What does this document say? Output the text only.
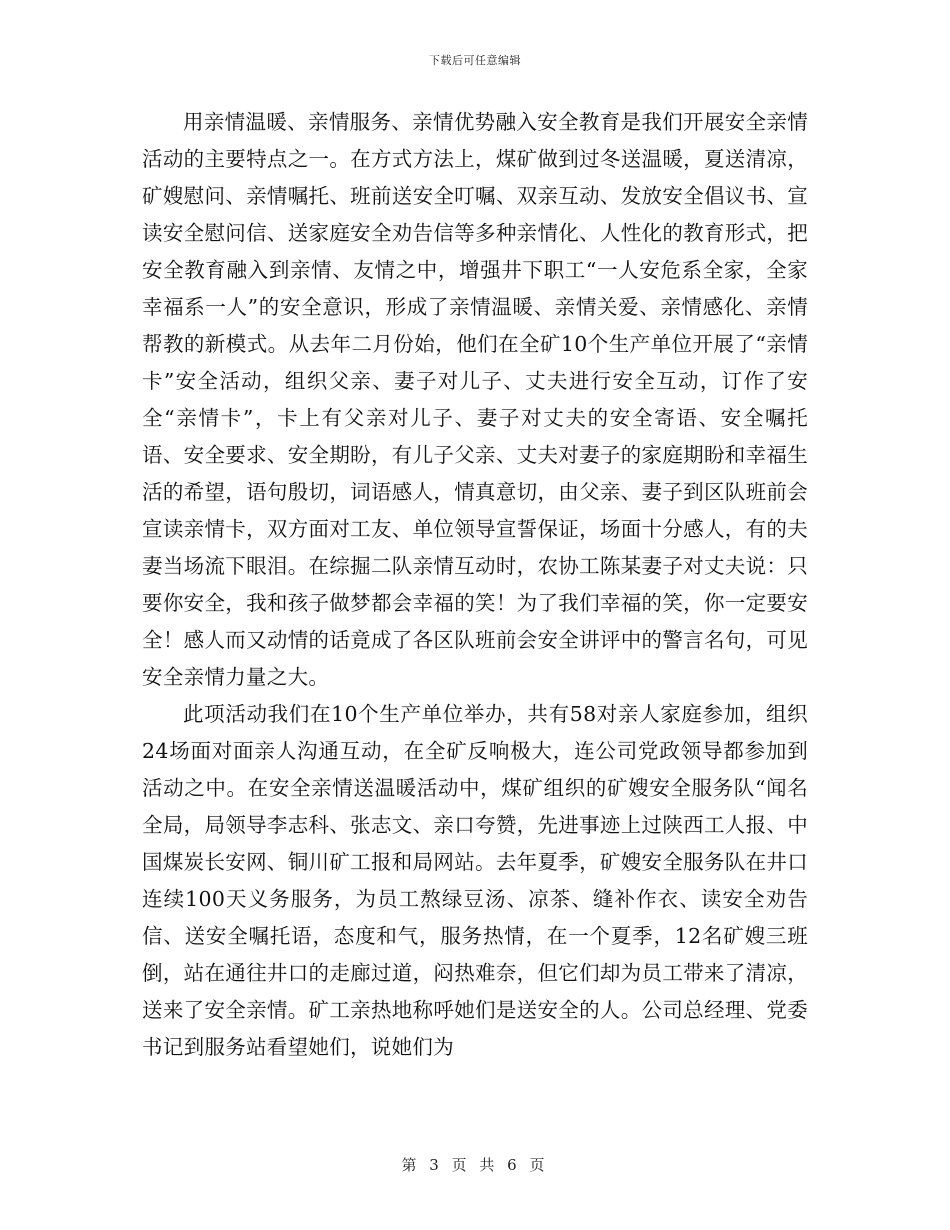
下载后可任意编辑

用亲情温暖、亲情服务、亲情优势融入安全教育是我们开展安全亲情活动的主要特点之一。在方式方法上，煤矿做到过冬送温暖，夏送清凉，矿嫂慰问、亲情嘱托、班前送安全叮嘱、双亲互动、发放安全倡议书、宣读安全慰问信、送家庭安全劝告信等多种亲情化、人性化的教育形式，把安全教育融入到亲情、友情之中，增强井下职工“一人安危系全家，全家幸福系一人”的安全意识，形成了亲情温暖、亲情关爱、亲情感化、亲情帮教的新模式。从去年二月份始，他们在全矿10个生产单位开展了“亲情卡”安全活动，组织父亲、妻子对儿子、丈夫进行安全互动，订作了安全“亲情卡”，卡上有父亲对儿子、妻子对丈夫的安全寄语、安全嘱托语、安全要求、安全期盼，有儿子父亲、丈夫对妻子的家庭期盼和幸福生活的希望，语句殷切，词语感人，情真意切，由父亲、妻子到区队班前会宣读亲情卡，双方面对工友、单位领导宣誓保证，场面十分感人，有的夫妻当场流下眼泪。在综掘二队亲情互动时，农协工陈某妻子对丈夫说：只要你安全，我和孩子做梦都会幸福的笑！为了我们幸福的笑，你一定要安全！感人而又动情的话竟成了各区队班前会安全讲评中的警言名句，可见安全亲情力量之大。

此项活动我们在10个生产单位举办，共有58对亲人家庭参加，组织24场面对面亲人沟通互动，在全矿反响极大，连公司党政领导都参加到活动之中。在安全亲情送温暖活动中，煤矿组织的矿嫂安全服务队“闻名全局，局领导李志科、张志文、亲口夸赞，先进事迹上过陕西工人报、中国煤炭长安网、铜川矿工报和局网站。去年夏季，矿嫂安全服务队在井口连续100天义务服务，为员工熬绿豆汤、凉茶、缝补作衣、读安全劝告信、送安全嘱托语，态度和气，服务热情，在一个夏季，12名矿嫂三班倒，站在通往井口的走廊过道，闷热难奈，但它们却为员工带来了清凉，送来了安全亲情。矿工亲热地称呼她们是送安全的人。公司总经理、党委书记到服务站看望她们，说她们为

第 3 页 共 6 页
